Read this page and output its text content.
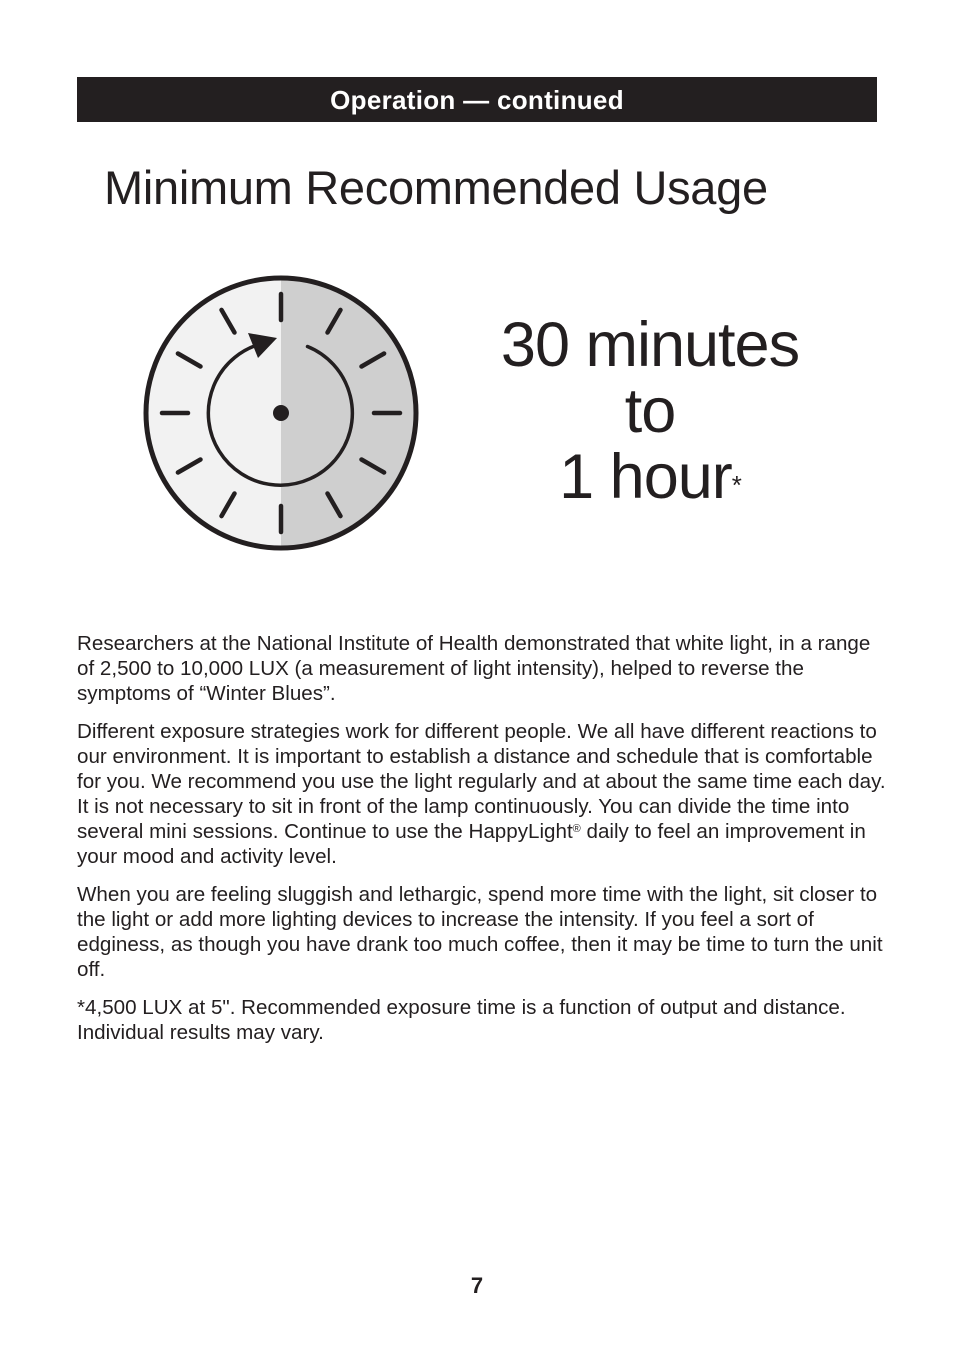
Operation — continued
Minimum Recommended Usage
30 minutes
to
1 hour*

Researchers at the National Institute of Health demonstrated that white light, in a range of 2,500 to 10,000 LUX (a measurement of light intensity), helped to reverse the symptoms of “Winter Blues”.

Different exposure strategies work for different people. We all have different reactions to our environment. It is important to establish a distance and schedule that is comfortable for you. We recommend you use the light regularly and at about the same time each day. It is not necessary to sit in front of the lamp continuously. You can divide the time into several mini sessions. Continue to use the HappyLight® daily to feel an improvement in your mood and activity level.

When you are feeling sluggish and lethargic, spend more time with the light, sit closer to the light or add more lighting devices to increase the intensity. If you feel a sort of edginess, as though you have drank too much coffee, then it may be time to turn the unit off.

*4,500 LUX at 5". Recommended exposure time is a function of output and distance. Individual results may vary.

7
